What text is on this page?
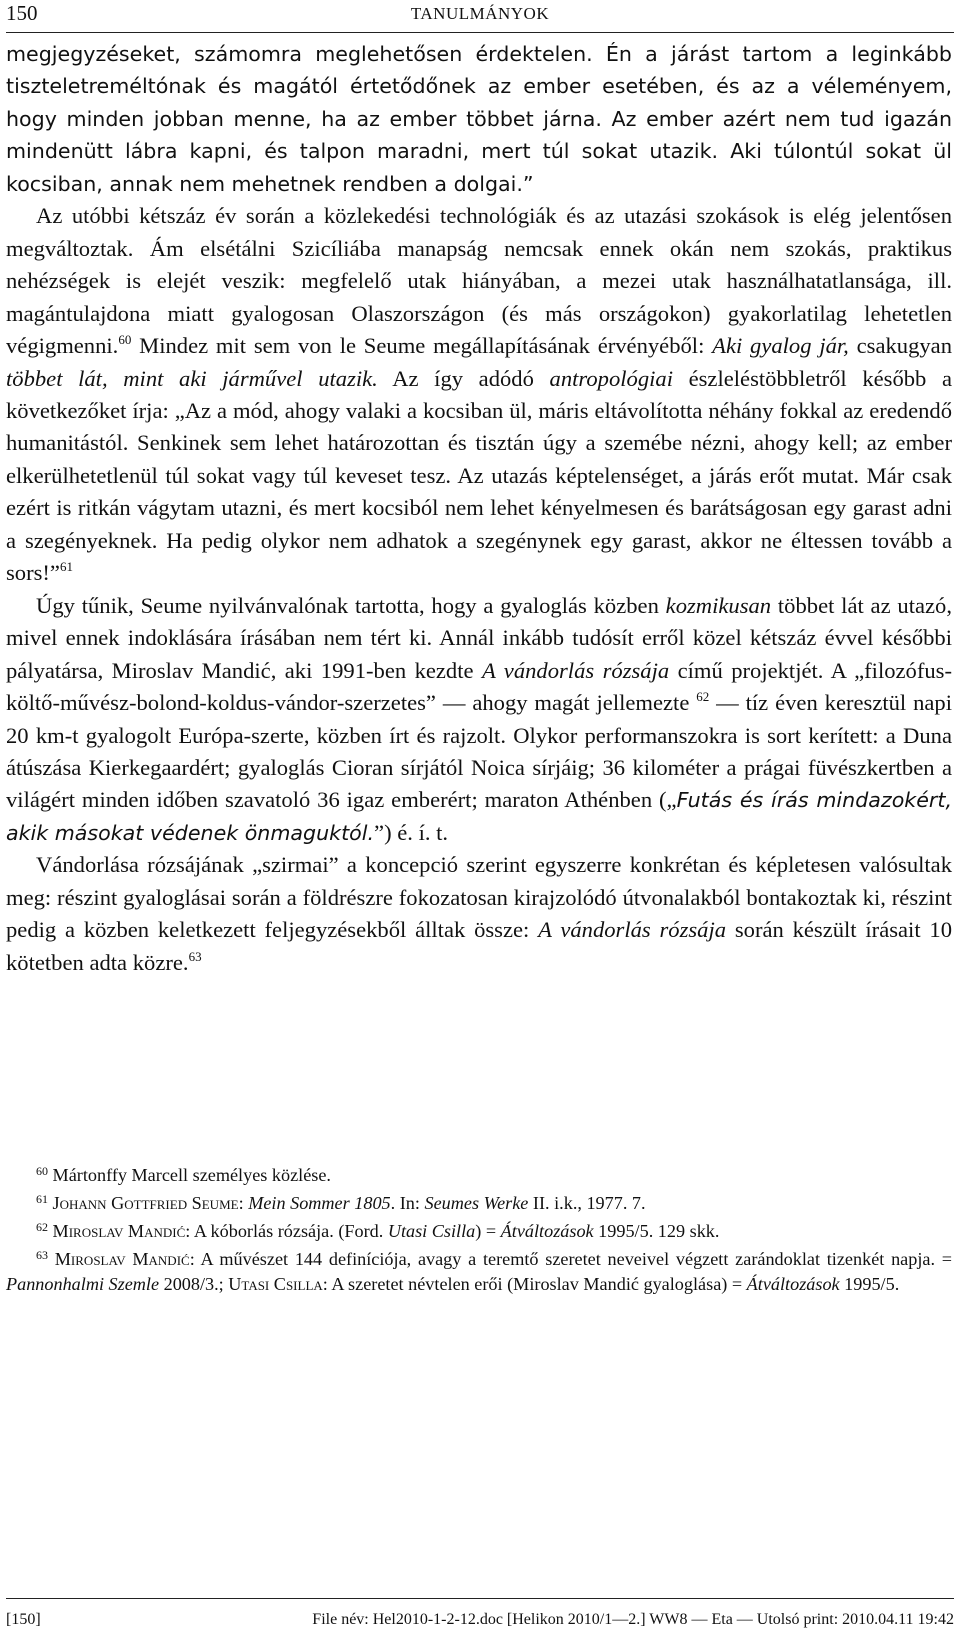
150	TANULMÁNYOK

megjegyzéseket, számomra meglehetősen érdektelen. Én a járást tartom a leginkább tiszteletreméltónak és magától értetődőnek az ember esetében, és az a véleményem, hogy minden jobban menne, ha az ember többet járna. Az ember azért nem tud igazán mindenütt lábra kapni, és talpon maradni, mert túl sokat utazik. Aki túlontúl sokat ül kocsiban, annak nem mehetnek rendben a dolgai.”

Az utóbbi kétszáz év során a közlekedési technológiák és az utazási szokások is elég jelentősen megváltoztak. Ám elsétálni Szicíliába manapság nemcsak ennek okán nem szokás, praktikus nehézségek is elejét veszik: megfelelő utak hiányában, a mezei utak használhatatlansága, ill. magántulajdona miatt gyalogosan Olaszországon (és más országokon) gyakorlatilag lehetetlen végigmenni.$^{60}$ Mindez mit sem von le Seume megállapításának érvényéből: Aki gyalog jár, csakugyan többet lát, mint aki járművel utazik. Az így adódó antropológiai észleléstöbbletről később a következőket írja: „Az a mód, ahogy valaki a kocsiban ül, máris eltávolította néhány fokkal az eredendő humanitástól. Senkinek sem lehet határozottan és tisztán úgy a szemébe nézni, ahogy kell; az ember elkerülhetetlenül túl sokat vagy túl keveset tesz. Az utazás képtelenséget, a járás erőt mutat. Már csak ezért is ritkán vágytam utazni, és mert kocsiból nem lehet kényelmesen és barátságosan egy garast adni a szegényeknek. Ha pedig olykor nem adhatok a szegénynek egy garast, akkor ne éltessen tovább a sors!”$^{61}$

Úgy tűnik, Seume nyilvánvalónak tartotta, hogy a gyaloglás közben kozmikusan többet lát az utazó, mivel ennek indoklására írásában nem tért ki. Annál inkább tudósít erről közel kétszáz évvel későbbi pályatársa, Miroslav Mandić, aki 1991-ben kezdte A vándorlás rózsája című projektjét. A „filozófus-költő-művész-bolond-koldus-vándor-szerzetes” — ahogy magát jellemezte $^{62}$ — tíz éven keresztül napi 20 km-t gyalogolt Európa-szerte, közben írt és rajzolt. Olykor performanszokra is sort kerített: a Duna átúszása Kierkegaardért; gyaloglás Cioran sírjától Noica sírjáig; 36 kilométer a prágai füvészkertben a világért minden időben szavatoló 36 igaz emberért; maraton Athénben („Futás és írás mindazokért, akik másokat védenek önmaguktól.”) é. í. t.

Vándorlása rózsájának „szirmai” a koncepció szerint egyszerre konkrétan és képletesen valósultak meg: részint gyaloglásai során a földrészre fokozatosan kirajzolódó útvonalakból bontakoztak ki, részint pedig a közben keletkezett feljegyzésekből álltak össze: A vándorlás rózsája során készült írásait 10 kötetben adta közre.$^{63}$

$^{60}$ Mártonffy Marcell személyes közlése.

$^{61}$ Johann Gottfried Seume: Mein Sommer 1805. In: Seumes Werke II. i.k., 1977. 7.

$^{62}$ Miroslav Mandić: A kóborlás rózsája. (Ford. Utasi Csilla) = Átváltozások 1995/5. 129 skk.

$^{63}$ Miroslav Mandić: A művészet 144 definíciója, avagy a teremtő szeretet neveivel végzett zarándoklat tizenkét napja. = Pannonhalmi Szemle 2008/3.; Utasi Csilla: A szeretet névtelen erői (Miroslav Mandić gyaloglása) = Átváltozások 1995/5.

[150]	File név: Hel2010-1-2-12.doc [Helikon 2010/1—2.] WW8 — Eta — Utolsó print: 2010.04.11 19:42
